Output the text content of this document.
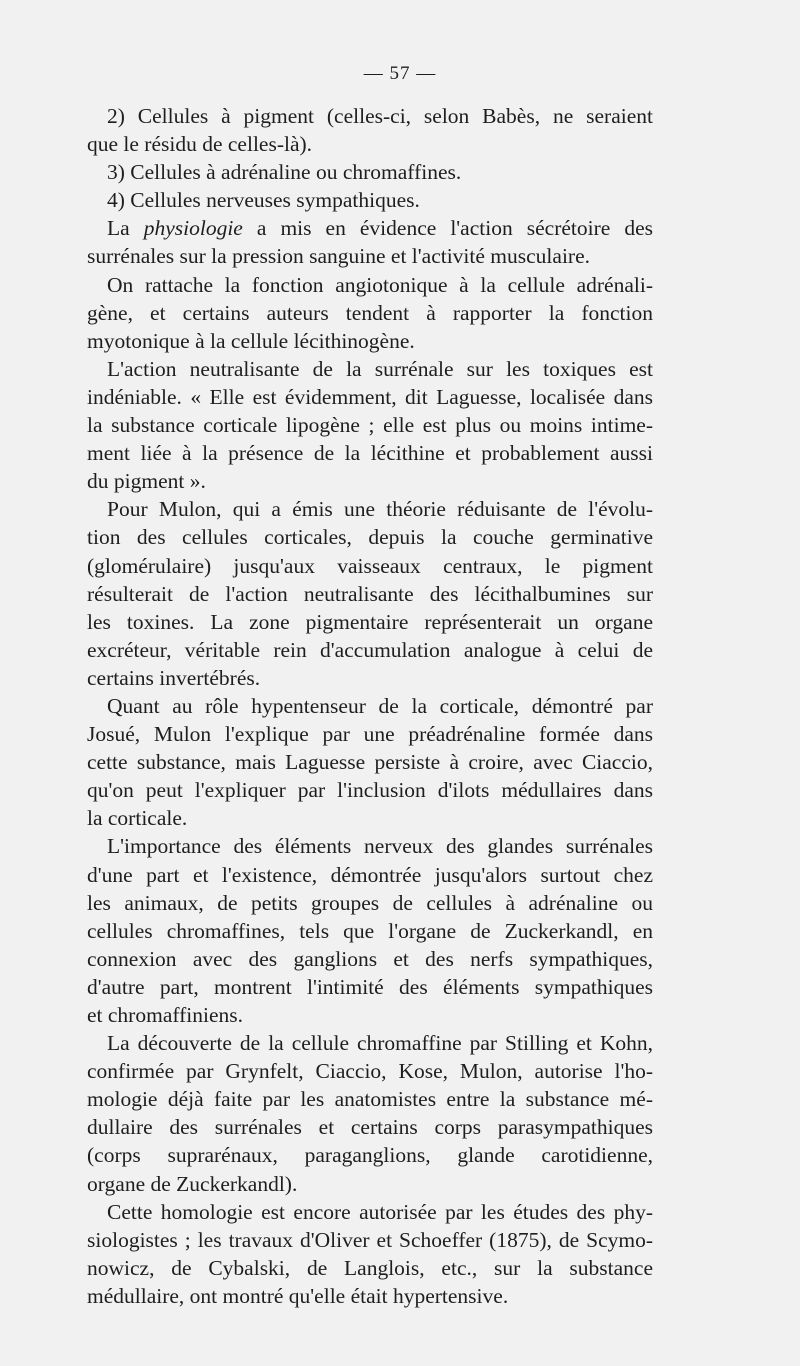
— 57 —
2) Cellules à pigment (celles-ci, selon Babès, ne seraient
que le résidu de celles-là).
3) Cellules à adrénaline ou chromaffines.
4) Cellules nerveuses sympathiques.
La physiologie a mis en évidence l'action sécrétoire des
surrénales sur la pression sanguine et l'activité musculaire.
On rattache la fonction angiotonique à la cellule adrénali-
gène, et certains auteurs tendent à rapporter la fonction
myotonique à la cellule lécithinogène.
L'action neutralisante de la surrénale sur les toxiques est
indéniable. « Elle est évidemment, dit Laguesse, localisée dans
la substance corticale lipogène ; elle est plus ou moins intime-
ment liée à la présence de la lécithine et probablement aussi
du pigment ».
Pour Mulon, qui a émis une théorie réduisante de l'évolu-
tion des cellules corticales, depuis la couche germinative
(glomérulaire) jusqu'aux vaisseaux centraux, le pigment
résulterait de l'action neutralisante des lécithalbumines sur
les toxines. La zone pigmentaire représenterait un organe
excréteur, véritable rein d'accumulation analogue à celui de
certains invertébrés.
Quant au rôle hypentenseur de la corticale, démontré par
Josué, Mulon l'explique par une préadrénaline formée dans
cette substance, mais Laguesse persiste à croire, avec Ciaccio,
qu'on peut l'expliquer par l'inclusion d'ilots médullaires dans
la corticale.
L'importance des éléments nerveux des glandes surrénales
d'une part et l'existence, démontrée jusqu'alors surtout chez
les animaux, de petits groupes de cellules à adrénaline ou
cellules chromaffines, tels que l'organe de Zuckerkandl, en
connexion avec des ganglions et des nerfs sympathiques,
d'autre part, montrent l'intimité des éléments sympathiques
et chromaffiniens.
La découverte de la cellule chromaffine par Stilling et Kohn,
confirmée par Grynfelt, Ciaccio, Kose, Mulon, autorise l'ho-
mologie déjà faite par les anatomistes entre la substance mé-
dullaire des surrénales et certains corps parasympathiques
(corps suprarénaux, paraganglions, glande carotidienne,
organe de Zuckerkandl).
Cette homologie est encore autorisée par les études des phy-
siologistes ; les travaux d'Oliver et Schoeffer (1875), de Scymo-
nowicz, de Cybalski, de Langlois, etc., sur la substance
médullaire, ont montré qu'elle était hypertensive.
